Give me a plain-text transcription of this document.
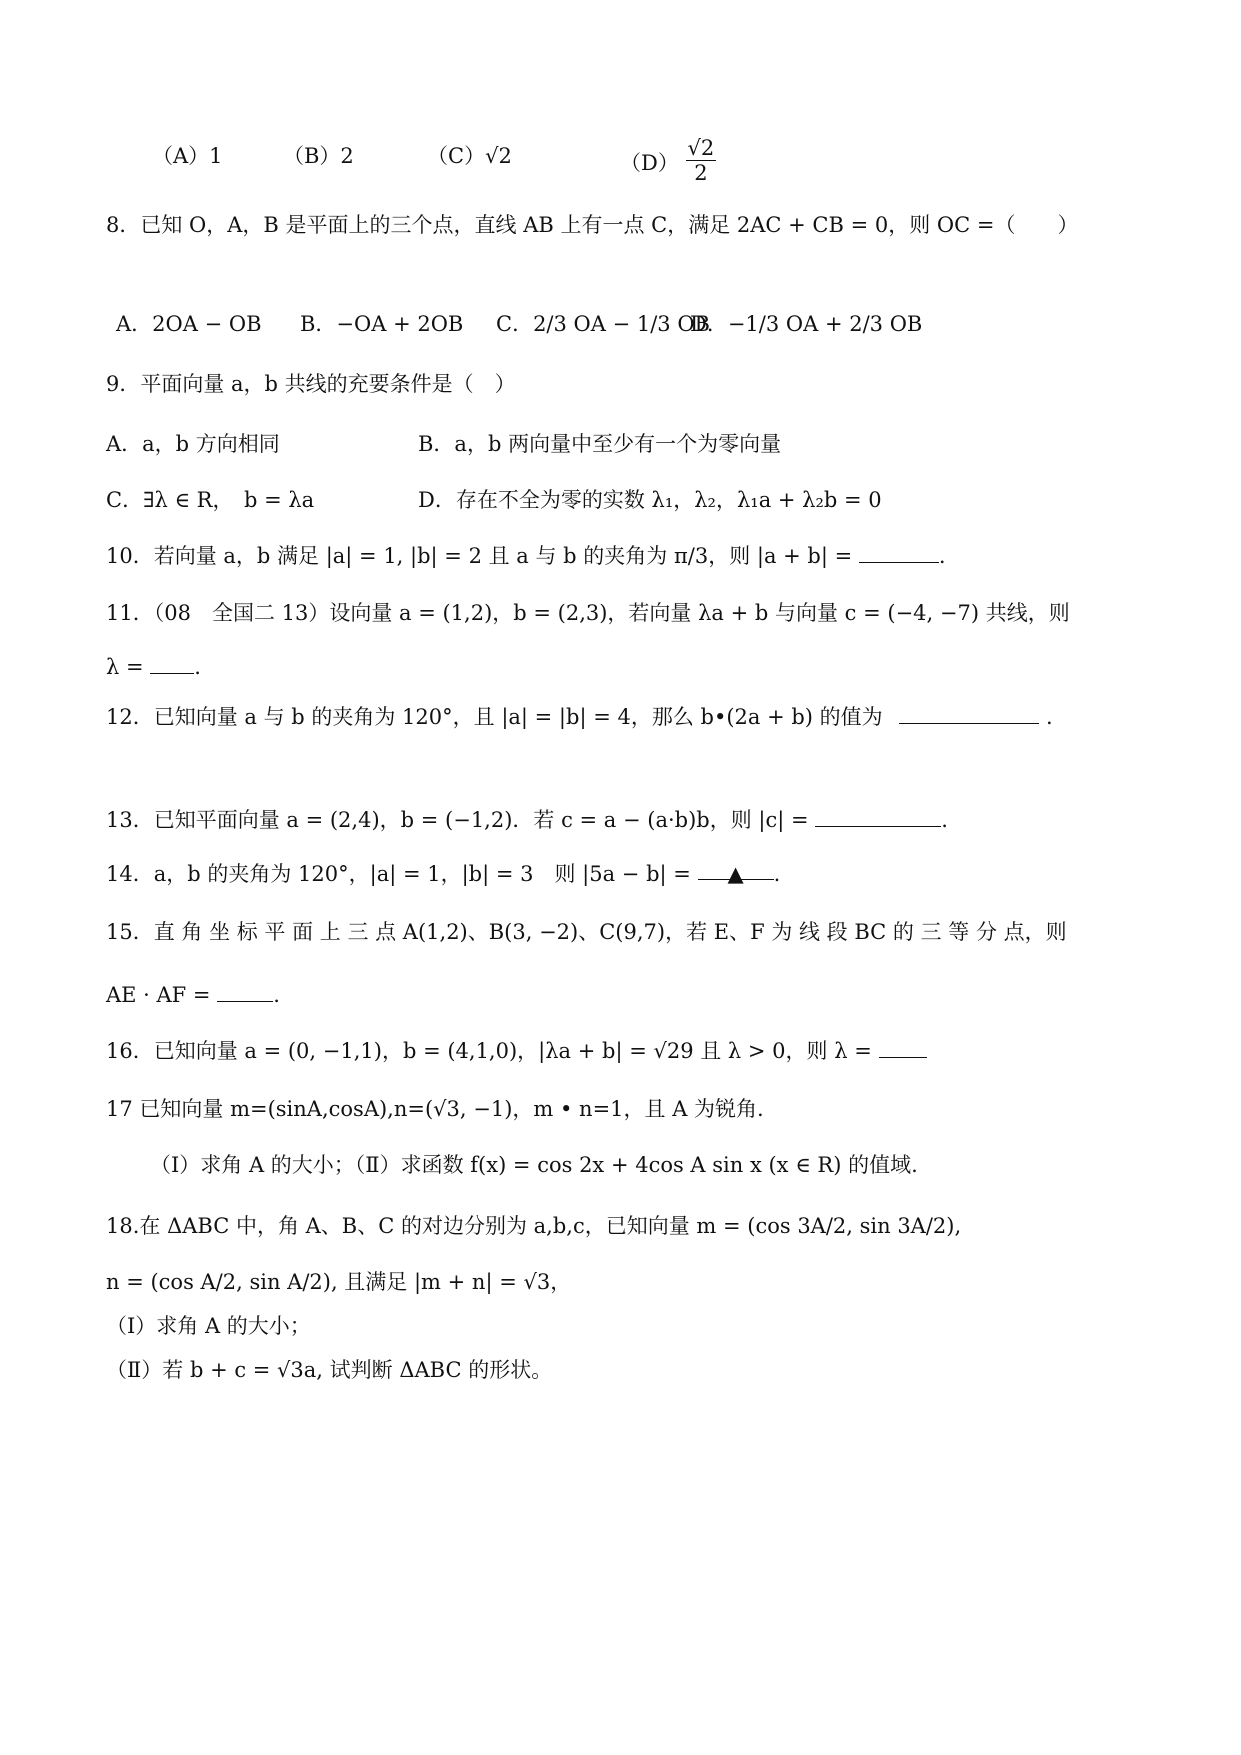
（A）1	（B）2	（C）√2	$(D) \frac{√2}{2}$
8．已知 O，A，B 是平面上的三个点，直线 AB 上有一点 C，满足 2AC + CB = 0，则 OC =（　　）
A．2OA − OB B．−OA + 2OB C．2/3 OA − 1/3 OB
D．−1/3 OA + 2/3 OB
9．平面向量 a，b 共线的充要条件是（　）
A．a，b 方向相同	B．a，b 两向量中至少有一个为零向量
C．∃λ ∈ R，　b = λa	D．存在不全为零的实数 λ₁，λ₂，λ₁a + λ₂b = 0
10．若向量 a，b 满足 |a| = 1, |b| = 2 且 a 与 b 的夹角为 π/3，则 |a + b| =	.
11．（08　全国二 13）设向量 a = (1,2)，b = (2,3)，若向量 λa + b 与向量 c = (−4, −7) 共线，则
λ = .
12．已知向量 a 与 b 的夹角为 120°，且 |a| = |b| = 4，那么 b•(2a + b) 的值为	.
13．已知平面向量 a = (2,4)，b = (−1,2)．若 c = a − (a·b)b，则 |c| =	.
14．a，b 的夹角为 120°，|a| = 1，|b| = 3　则 |5a − b| = ▲ .
15．直 角 坐 标 平 面 上 三 点 A(1,2)、B(3, −2)、C(9,7)，若 E、F 为 线 段 BC 的 三 等 分 点，则
AE · AF =	.
16．已知向量 a = (0, −1,1)，b = (4,1,0)，|λa + b| = √29 且 λ > 0，则 λ =
17 已知向量 m=(sinA,cosA),n=(√3, −1)，m • n=1，且 A 为锐角.
（Ⅰ）求角 A 的大小；（Ⅱ）求函数 f(x) = cos 2x + 4cos A sin x (x ∈ R) 的值域.
18.在 ΔABC 中，角 A、B、C 的对边分别为 a,b,c，已知向量 m = (cos 3A/2, sin 3A/2),
n = (cos A/2, sin A/2), 且满足 |m + n| = √3，
（Ⅰ）求角 A 的大小；
（Ⅱ）若 b + c = √3a, 试判断 ΔABC 的形状。
